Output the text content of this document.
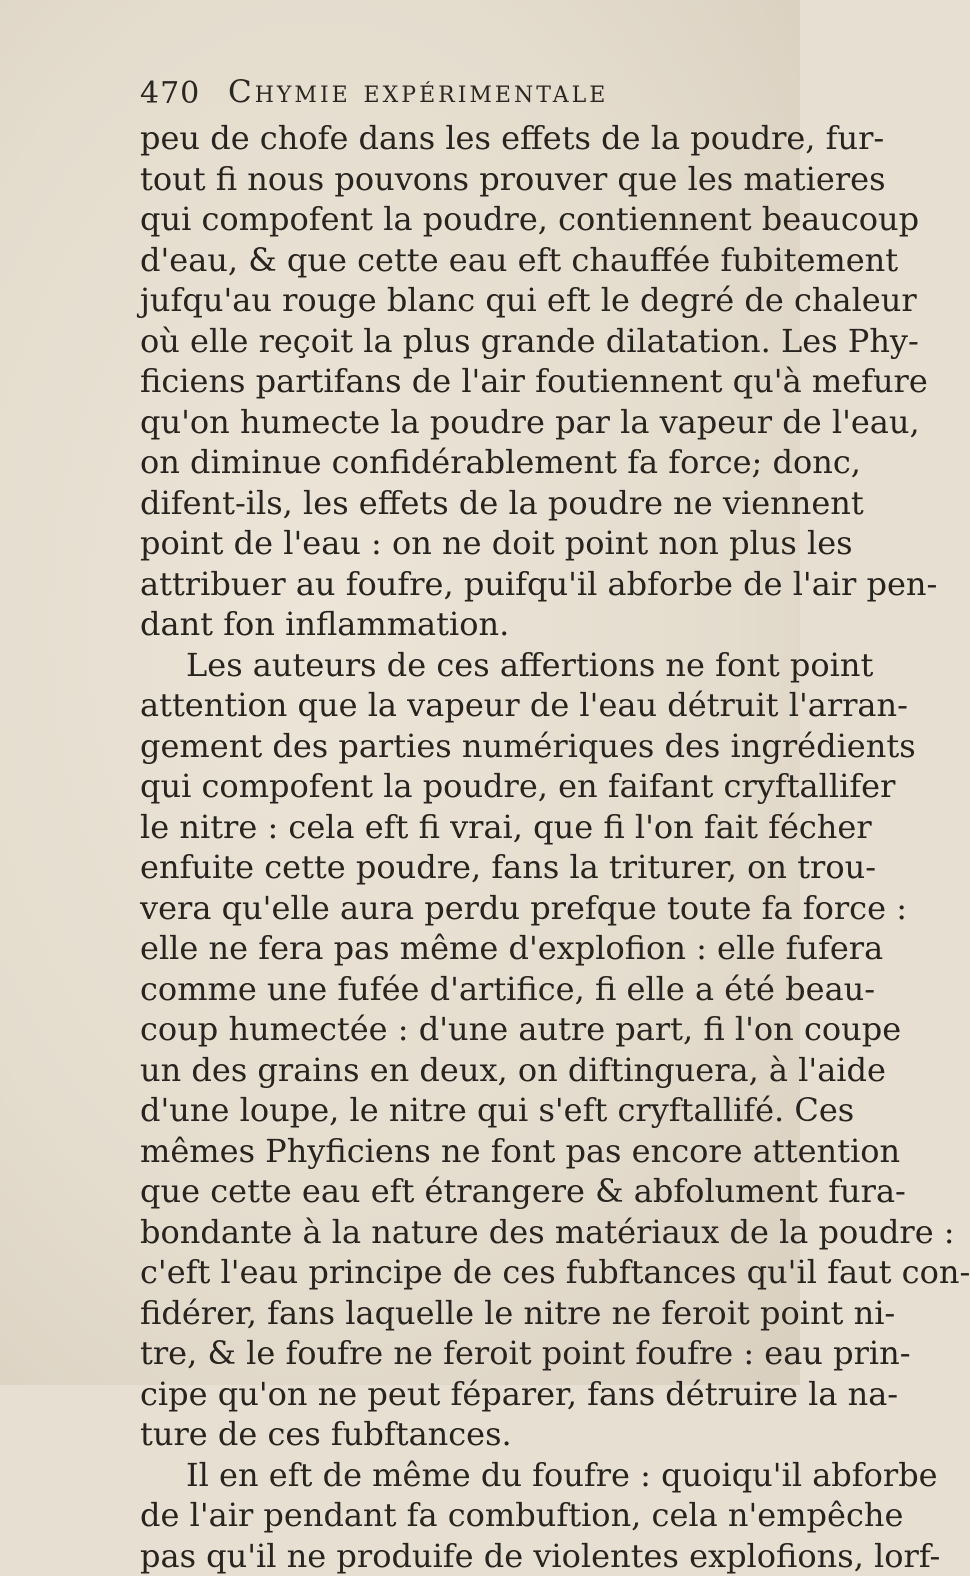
470 Chymie expérimentale
peu de chofe dans les effets de la poudre, fur-
tout fi nous pouvons prouver que les matieres
qui compofent la poudre, contiennent beaucoup
d'eau, & que cette eau eft chauffée fubitement
jufqu'au rouge blanc qui eft le degré de chaleur
où elle reçoit la plus grande dilatation. Les Phy-
ficiens partifans de l'air foutiennent qu'à mefure
qu'on humecte la poudre par la vapeur de l'eau,
on diminue confidérablement fa force; donc,
difent-ils, les effets de la poudre ne viennent
point de l'eau : on ne doit point non plus les
attribuer au foufre, puifqu'il abforbe de l'air pen-
dant fon inflammation.
Les auteurs de ces affertions ne font point
attention que la vapeur de l'eau détruit l'arran-
gement des parties numériques des ingrédients
qui compofent la poudre, en faifant cryftallifer
le nitre : cela eft fi vrai, que fi l'on fait fécher
enfuite cette poudre, fans la triturer, on trou-
vera qu'elle aura perdu prefque toute fa force :
elle ne fera pas même d'explofion : elle fufera
comme une fufée d'artifice, fi elle a été beau-
coup humectée : d'une autre part, fi l'on coupe
un des grains en deux, on diftinguera, à l'aide
d'une loupe, le nitre qui s'eft cryftallifé. Ces
mêmes Phyficiens ne font pas encore attention
que cette eau eft étrangere & abfolument fura-
bondante à la nature des matériaux de la poudre :
c'eft l'eau principe de ces fubftances qu'il faut con-
fidérer, fans laquelle le nitre ne feroit point ni-
tre, & le foufre ne feroit point foufre : eau prin-
cipe qu'on ne peut féparer, fans détruire la na-
ture de ces fubftances.
Il en eft de même du foufre : quoiqu'il abforbe
de l'air pendant fa combuftion, cela n'empêche
pas qu'il ne produife de violentes explofions, lorf-
